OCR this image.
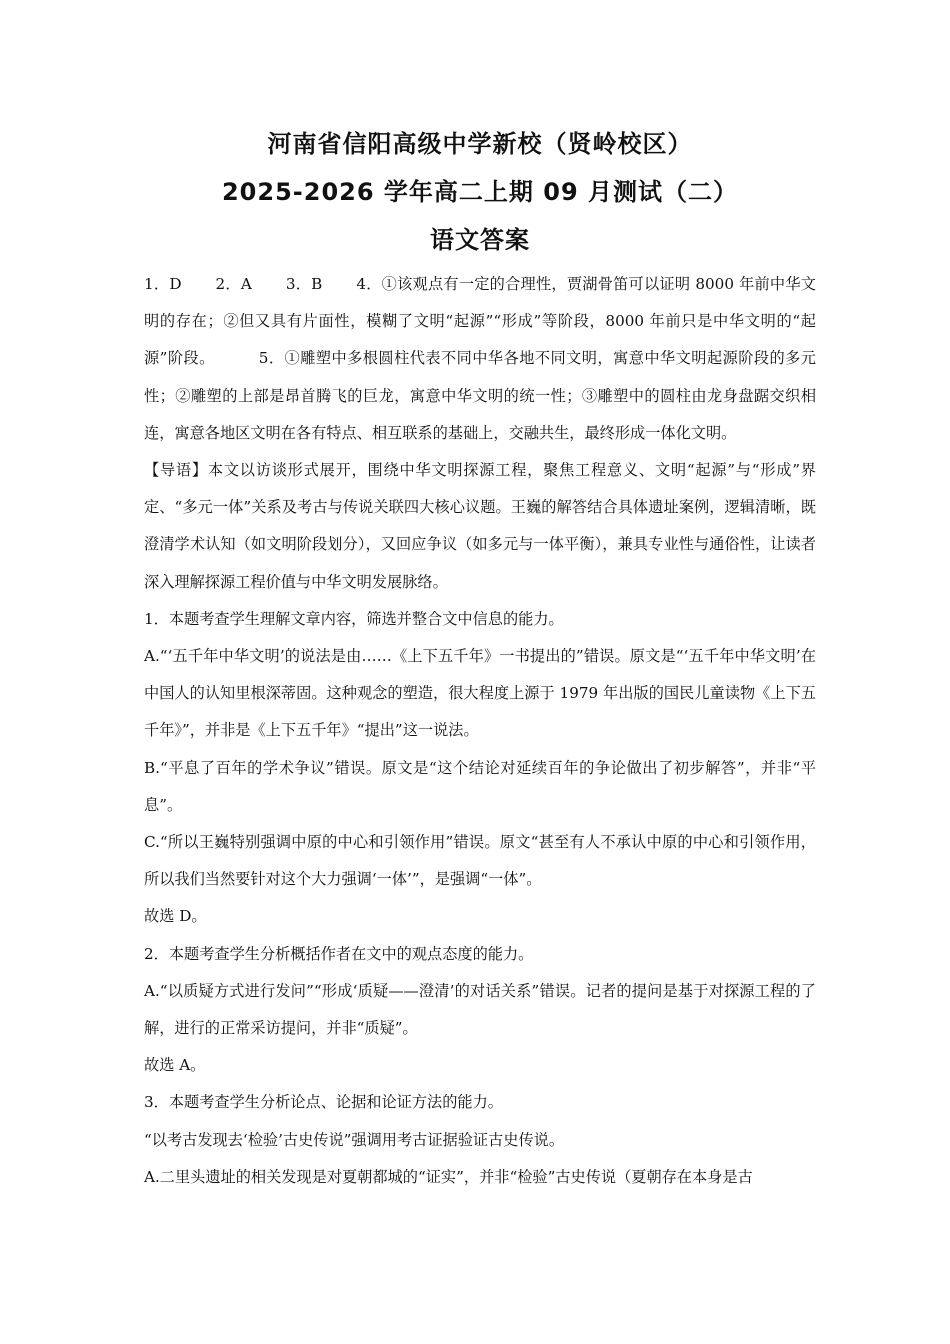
河南省信阳高级中学新校（贤岭校区）
2025-2026 学年高二上期 09 月测试（二）
语文答案

1．D 2．A 3．B 4．①该观点有一定的合理性，贾湖骨笛可以证明 8000 年前中华文明的存在；②但又具有片面性，模糊了文明“起源”“形成”等阶段，8000 年前只是中华文明的“起源”阶段。	5．①雕塑中多根圆柱代表不同中华各地不同文明，寓意中华文明起源阶段的多元性；②雕塑的上部是昂首腾飞的巨龙，寓意中华文明的统一性；③雕塑中的圆柱由龙身盘踞交织相连，寓意各地区文明在各有特点、相互联系的基础上，交融共生，最终形成一体化文明。

【导语】本文以访谈形式展开，围绕中华文明探源工程，聚焦工程意义、文明“起源”与“形成”界定、“多元一体”关系及考古与传说关联四大核心议题。王巍的解答结合具体遗址案例，逻辑清晰，既澄清学术认知（如文明阶段划分），又回应争议（如多元与一体平衡），兼具专业性与通俗性，让读者深入理解探源工程价值与中华文明发展脉络。

1．本题考查学生理解文章内容，筛选并整合文中信息的能力。

A.“‘五千年中华文明’的说法是由……《上下五千年》一书提出的”错误。原文是“‘五千年中华文明’在中国人的认知里根深蒂固。这种观念的塑造，很大程度上源于 1979 年出版的国民儿童读物《上下五千年》”，并非是《上下五千年》“提出”这一说法。

B.“平息了百年的学术争议”错误。原文是“这个结论对延续百年的争论做出了初步解答”，并非“平息”。

C.“所以王巍特别强调中原的中心和引领作用”错误。原文“甚至有人不承认中原的中心和引领作用，所以我们当然要针对这个大力强调‘一体’”，是强调“一体”。

故选 D。

2．本题考查学生分析概括作者在文中的观点态度的能力。

A.“以质疑方式进行发问”“形成‘质疑——澄清’的对话关系”错误。记者的提问是基于对探源工程的了解，进行的正常采访提问，并非“质疑”。

故选 A。

3．本题考查学生分析论点、论据和论证方法的能力。

“以考古发现去‘检验’古史传说”强调用考古证据验证古史传说。

A.二里头遗址的相关发现是对夏朝都城的“证实”，并非“检验”古史传说（夏朝存在本身是古
